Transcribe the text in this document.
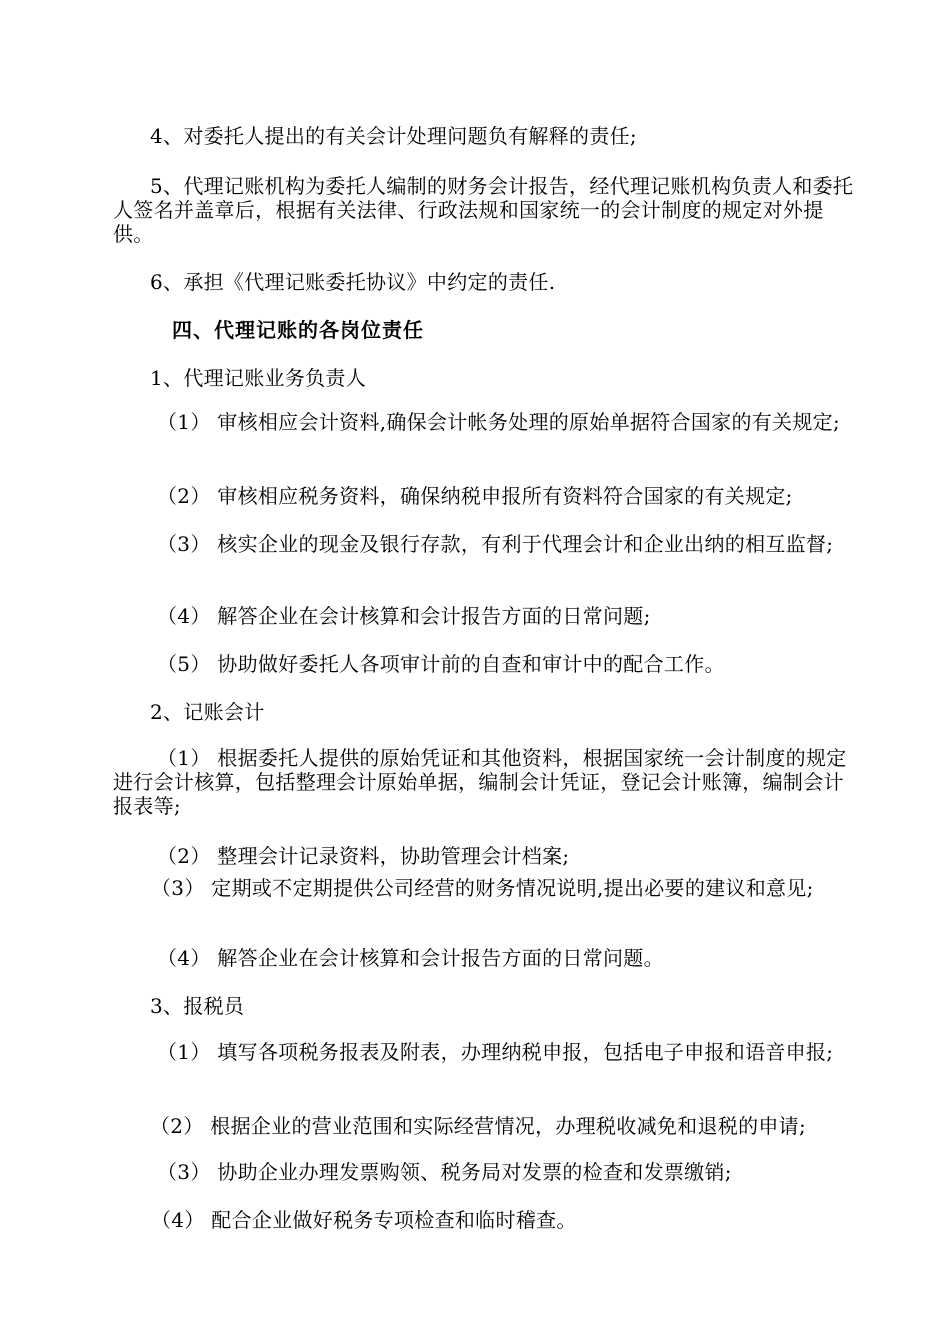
4、对委托人提出的有关会计处理问题负有解释的责任;

5、代理记账机构为委托人编制的财务会计报告，经代理记账机构负责人和委托人签名并盖章后，根据有关法律、行政法规和国家统一的会计制度的规定对外提供。

6、承担《代理记账委托协议》中约定的责任.

四、代理记账的各岗位责任

1、代理记账业务负责人

（1） 审核相应会计资料,确保会计帐务处理的原始单据符合国家的有关规定;

（2） 审核相应税务资料，确保纳税申报所有资料符合国家的有关规定;

（3） 核实企业的现金及银行存款，有利于代理会计和企业出纳的相互监督;

（4） 解答企业在会计核算和会计报告方面的日常问题;

（5） 协助做好委托人各项审计前的自查和审计中的配合工作。

2、记账会计

（1） 根据委托人提供的原始凭证和其他资料，根据国家统一会计制度的规定进行会计核算，包括整理会计原始单据，编制会计凭证，登记会计账簿，编制会计报表等;

（2） 整理会计记录资料，协助管理会计档案;

（3） 定期或不定期提供公司经营的财务情况说明,提出必要的建议和意见;

（4） 解答企业在会计核算和会计报告方面的日常问题。

3、报税员

（1） 填写各项税务报表及附表，办理纳税申报，包括电子申报和语音申报;

（2） 根据企业的营业范围和实际经营情况，办理税收减免和退税的申请;

（3） 协助企业办理发票购领、税务局对发票的检查和发票缴销;

（4） 配合企业做好税务专项检查和临时稽查。
